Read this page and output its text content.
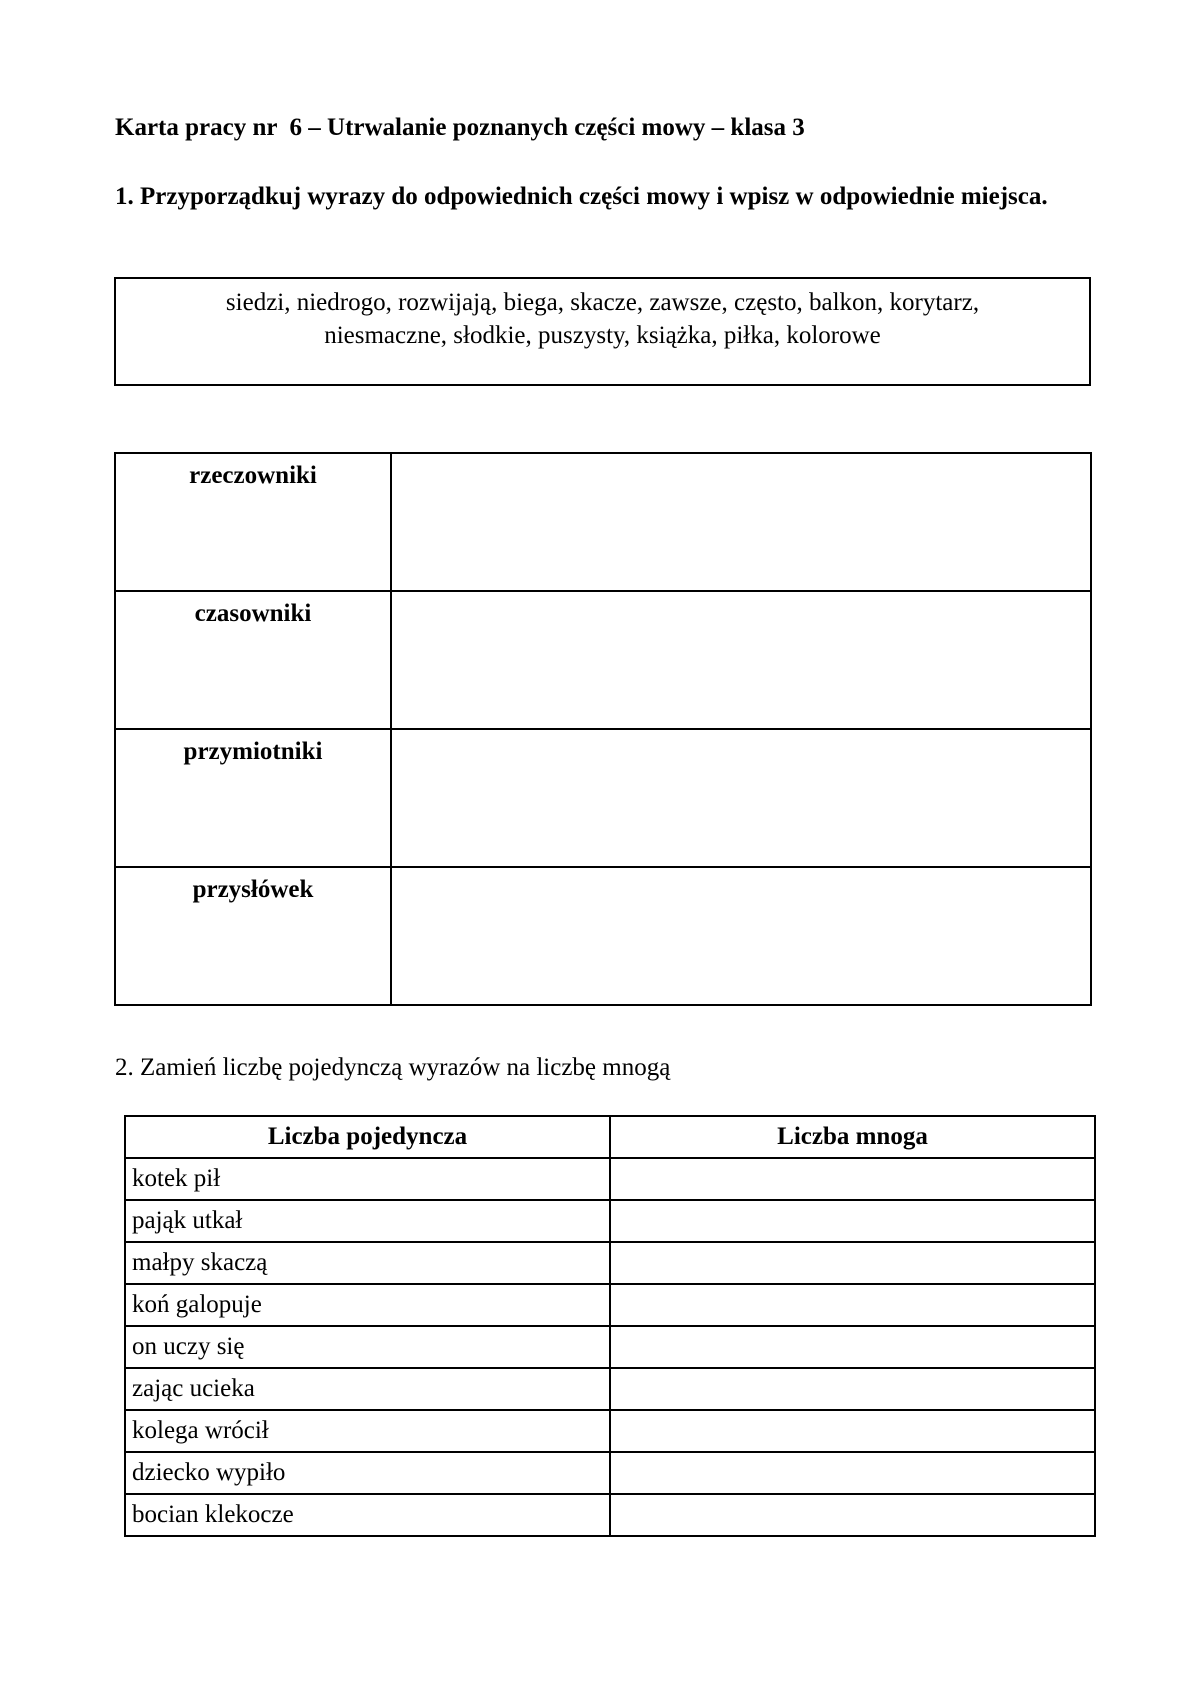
Karta pracy nr  6 – Utrwalanie poznanych części mowy – klasa 3
1. Przyporządkuj wyrazy do odpowiednich części mowy i wpisz w odpowiednie miejsca.
siedzi, niedrogo, rozwijają, biega, skacze, zawsze, często, balkon, korytarz,
niesmaczne, słodkie, puszysty, książka, piłka, kolorowe
rzeczowniki	
czasowniki	
przymiotniki	
przysłówek	
2. Zamień liczbę pojedynczą wyrazów na liczbę mnogą
Liczba pojedyncza	Liczba mnoga
kotek pił	
pająk utkał	
małpy skaczą	
koń galopuje	
on uczy się	
zając ucieka	
kolega wrócił	
dziecko wypiło	
bocian klekocze	
